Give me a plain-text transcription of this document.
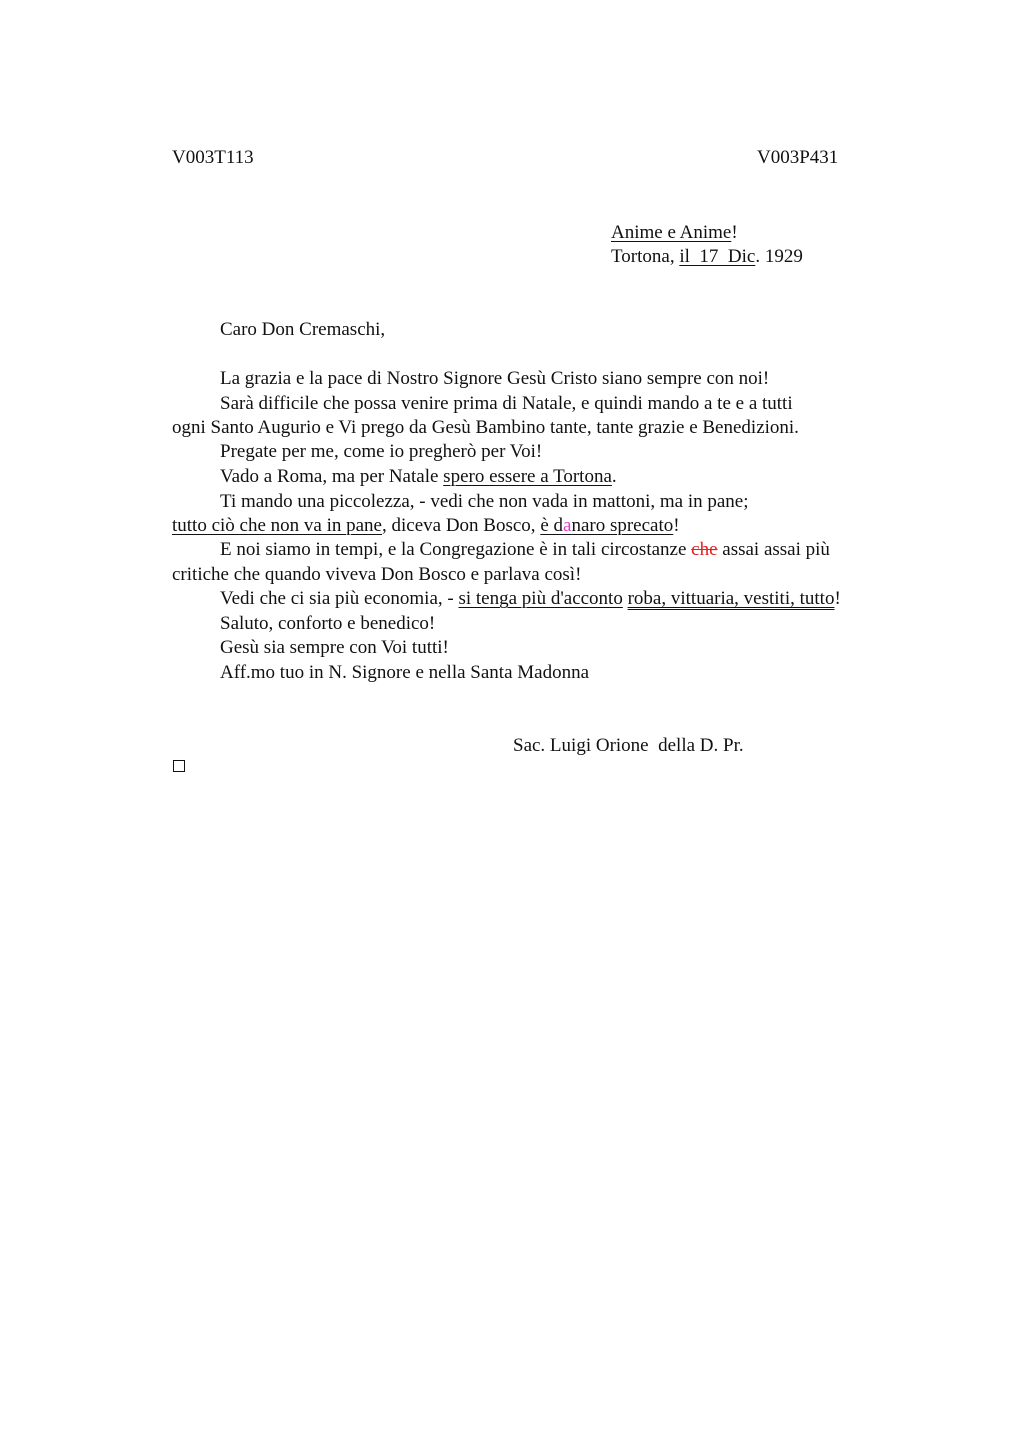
V003T113	V003P431
Anime e Anime!
Tortona, il  17  Dic. 1929
Caro Don Cremaschi,
La grazia e la pace di Nostro Signore Gesù Cristo siano sempre con noi!
Sarà difficile che possa venire prima di Natale, e quindi mando a te e a tutti
ogni Santo Augurio e Vi prego da Gesù Bambino tante, tante grazie e Benedizioni.
Pregate per me, come io pregherò per Voi!
Vado a Roma, ma per Natale spero essere a Tortona.
Ti mando una piccolezza, - vedi che non vada in mattoni, ma in pane;
tutto ciò che non va in pane, diceva Don Bosco, è danaro sprecato!
E noi siamo in tempi, e la Congregazione è in tali circostanze che assai assai più
critiche che quando viveva Don Bosco e parlava così!
Vedi che ci sia più economia, - si tenga più d'acconto roba, vittuaria, vestiti, tutto!
Saluto, conforto e benedico!
Gesù sia sempre con Voi tutti!
Aff.mo tuo in N. Signore e nella Santa Madonna
Sac. Luigi Orione  della D. Pr.
